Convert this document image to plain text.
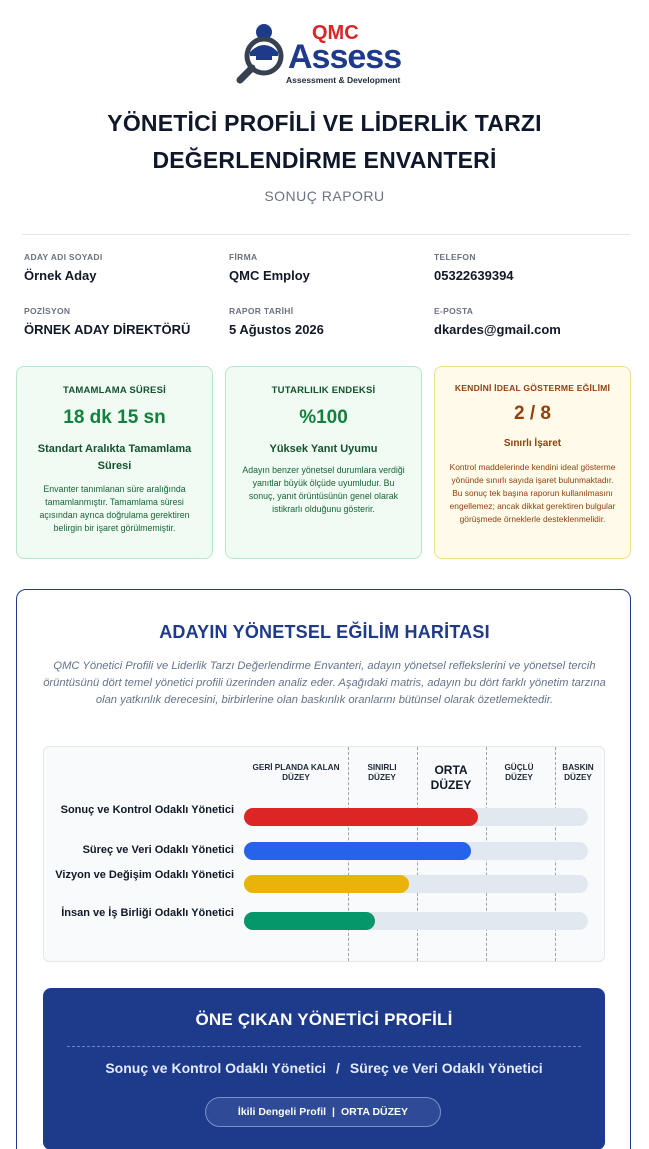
QMC
Assess
Assessment & Development
YÖNETİCİ PROFİLİ VE LİDERLİK TARZI
DEĞERLENDİRME ENVANTERİ
SONUÇ RAPORU
ADAY ADI SOYADI
Örnek Aday
FİRMA
QMC Employ
TELEFON
05322639394
POZİSYON
ÖRNEK ADAY DİREKTÖRÜ
RAPOR TARİHİ
5 Ağustos 2026
E-POSTA
dkardes@gmail.com
TAMAMLAMA SÜRESİ
18 dk 15 sn
Standart Aralıkta Tamamlama Süresi
Envanter tanımlanan süre aralığında tamamlanmıştır. Tamamlama süresi açısından ayrıca doğrulama gerektiren belirgin bir işaret görülmemiştir.
TUTARLILIK ENDEKSİ
%100
Yüksek Yanıt Uyumu
Adayın benzer yönetsel durumlara verdiği yanıtlar büyük ölçüde uyumludur. Bu sonuç, yanıt örüntüsünün genel olarak istikrarlı olduğunu gösterir.
KENDİNİ İDEAL GÖSTERME EĞİLİMİ
2 / 8
Sınırlı İşaret
Kontrol maddelerinde kendini ideal gösterme yönünde sınırlı sayıda işaret bulunmaktadır. Bu sonuç tek başına raporun kullanılmasını engellemez; ancak dikkat gerektiren bulgular görüşmede örneklerle desteklenmelidir.
ADAYIN YÖNETSEL EĞİLİM HARİTASI
QMC Yönetici Profili ve Liderlik Tarzı Değerlendirme Envanteri, adayın yönetsel reflekslerini ve yönetsel tercih örüntüsünü dört temel yönetici profili üzerinden analiz eder. Aşağıdaki matris, adayın bu dört farklı yönetim tarzına olan yatkınlık derecesini, birbirlerine olan baskınlık oranlarını bütünsel olarak özetlemektedir.
GERİ PLANDA KALAN DÜZEY
SINIRLI DÜZEY
ORTA DÜZEY
GÜÇLÜ DÜZEY
BASKIN DÜZEY
Sonuç ve Kontrol Odaklı Yönetici
Süreç ve Veri Odaklı Yönetici
Vizyon ve Değişim Odaklı Yönetici
İnsan ve İş Birliği Odaklı Yönetici
ÖNE ÇIKAN YÖNETİCİ PROFİLİ
Sonuç ve Kontrol Odaklı Yönetici / Süreç ve Veri Odaklı Yönetici
İkili Dengeli Profil | ORTA DÜZEY
